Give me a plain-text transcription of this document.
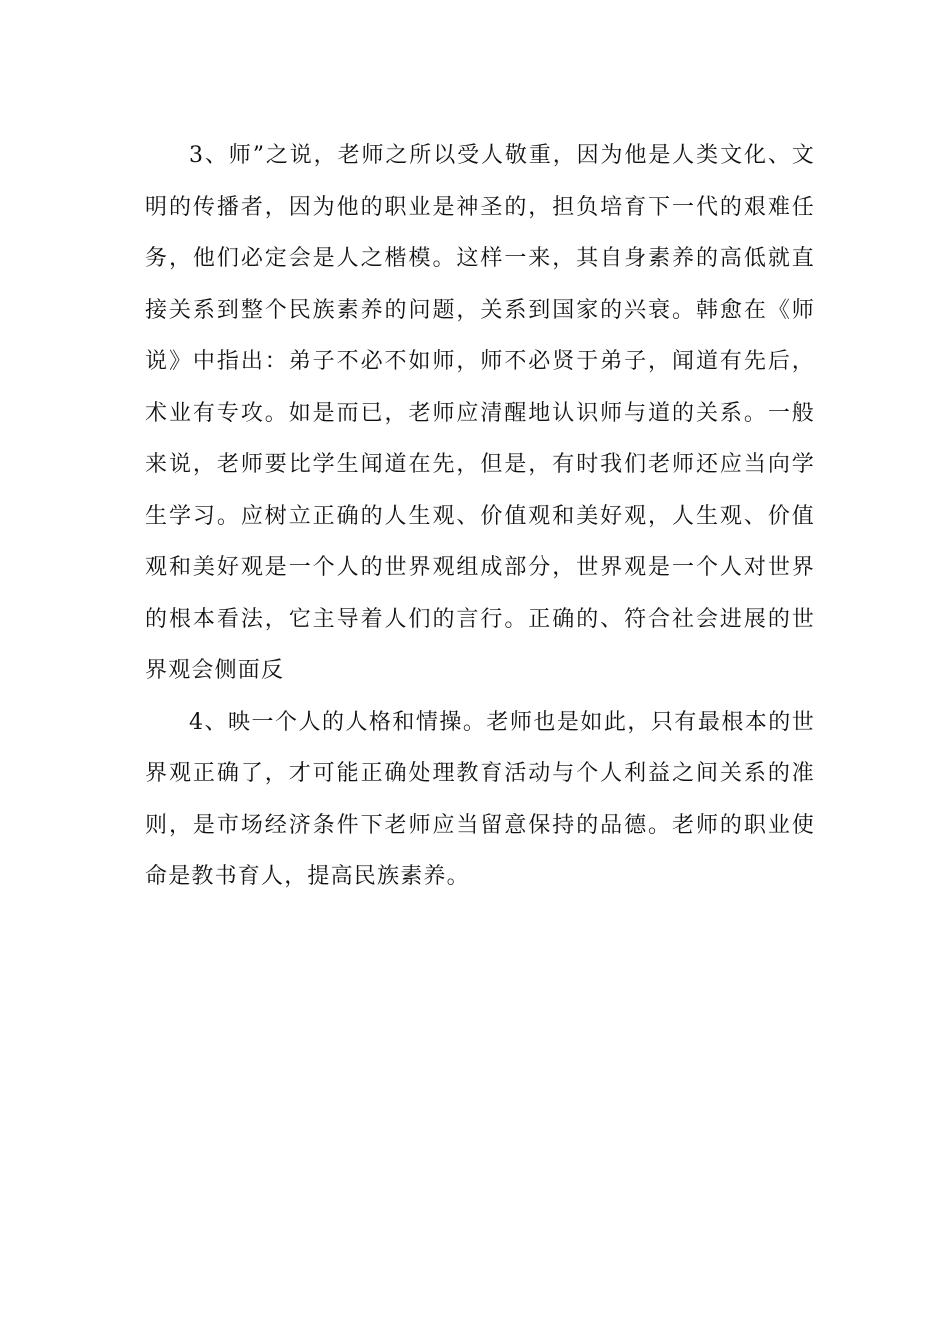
3、师”之说，老师之所以受人敬重，因为他是人类文化、文明的传播者，因为他的职业是神圣的，担负培育下一代的艰难任务，他们必定会是人之楷模。这样一来，其自身素养的高低就直接关系到整个民族素养的问题，关系到国家的兴衰。韩愈在《师说》中指出：弟子不必不如师，师不必贤于弟子，闻道有先后，术业有专攻。如是而已，老师应清醒地认识师与道的关系。一般来说，老师要比学生闻道在先，但是，有时我们老师还应当向学生学习。应树立正确的人生观、价值观和美好观，人生观、价值观和美好观是一个人的世界观组成部分，世界观是一个人对世界的根本看法，它主导着人们的言行。正确的、符合社会进展的世界观会侧面反

4、映一个人的人格和情操。老师也是如此，只有最根本的世界观正确了，才可能正确处理教育活动与个人利益之间关系的准则，是市场经济条件下老师应当留意保持的品德。老师的职业使命是教书育人，提高民族素养。
